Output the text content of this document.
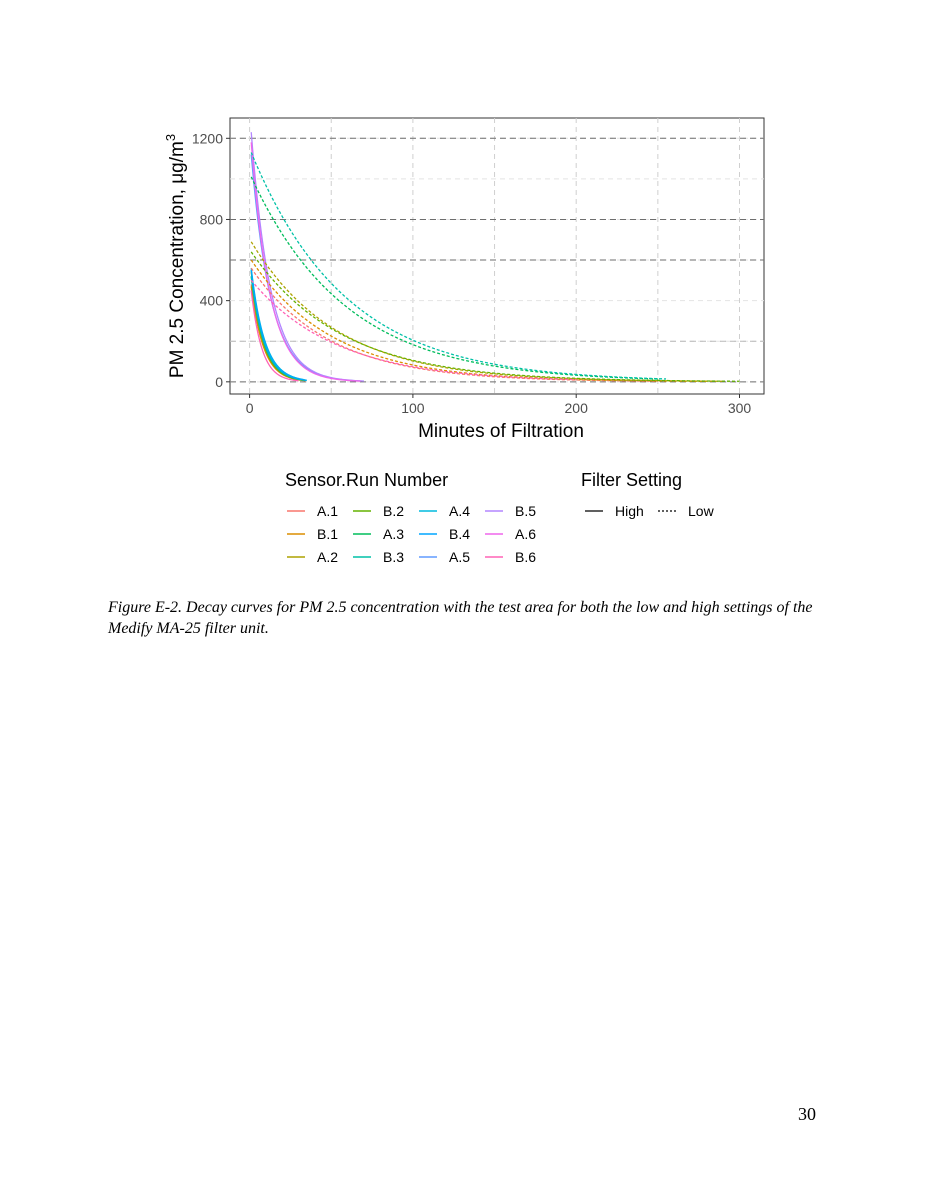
0	100	200	300
0
400
800
1200
Minutes of Filtration
PM 2.5 Concentration, $\mu g/m^3$
Sensor.Run Number
A.1
B.1
A.2
B.2
A.3
B.3
A.4
B.4
A.5
B.5
A.6
B.6
Filter Setting
High	Low
Figure E-2. Decay curves for PM 2.5 concentration with the test area for both the low and high settings of the Medify MA-25 filter unit.
30
